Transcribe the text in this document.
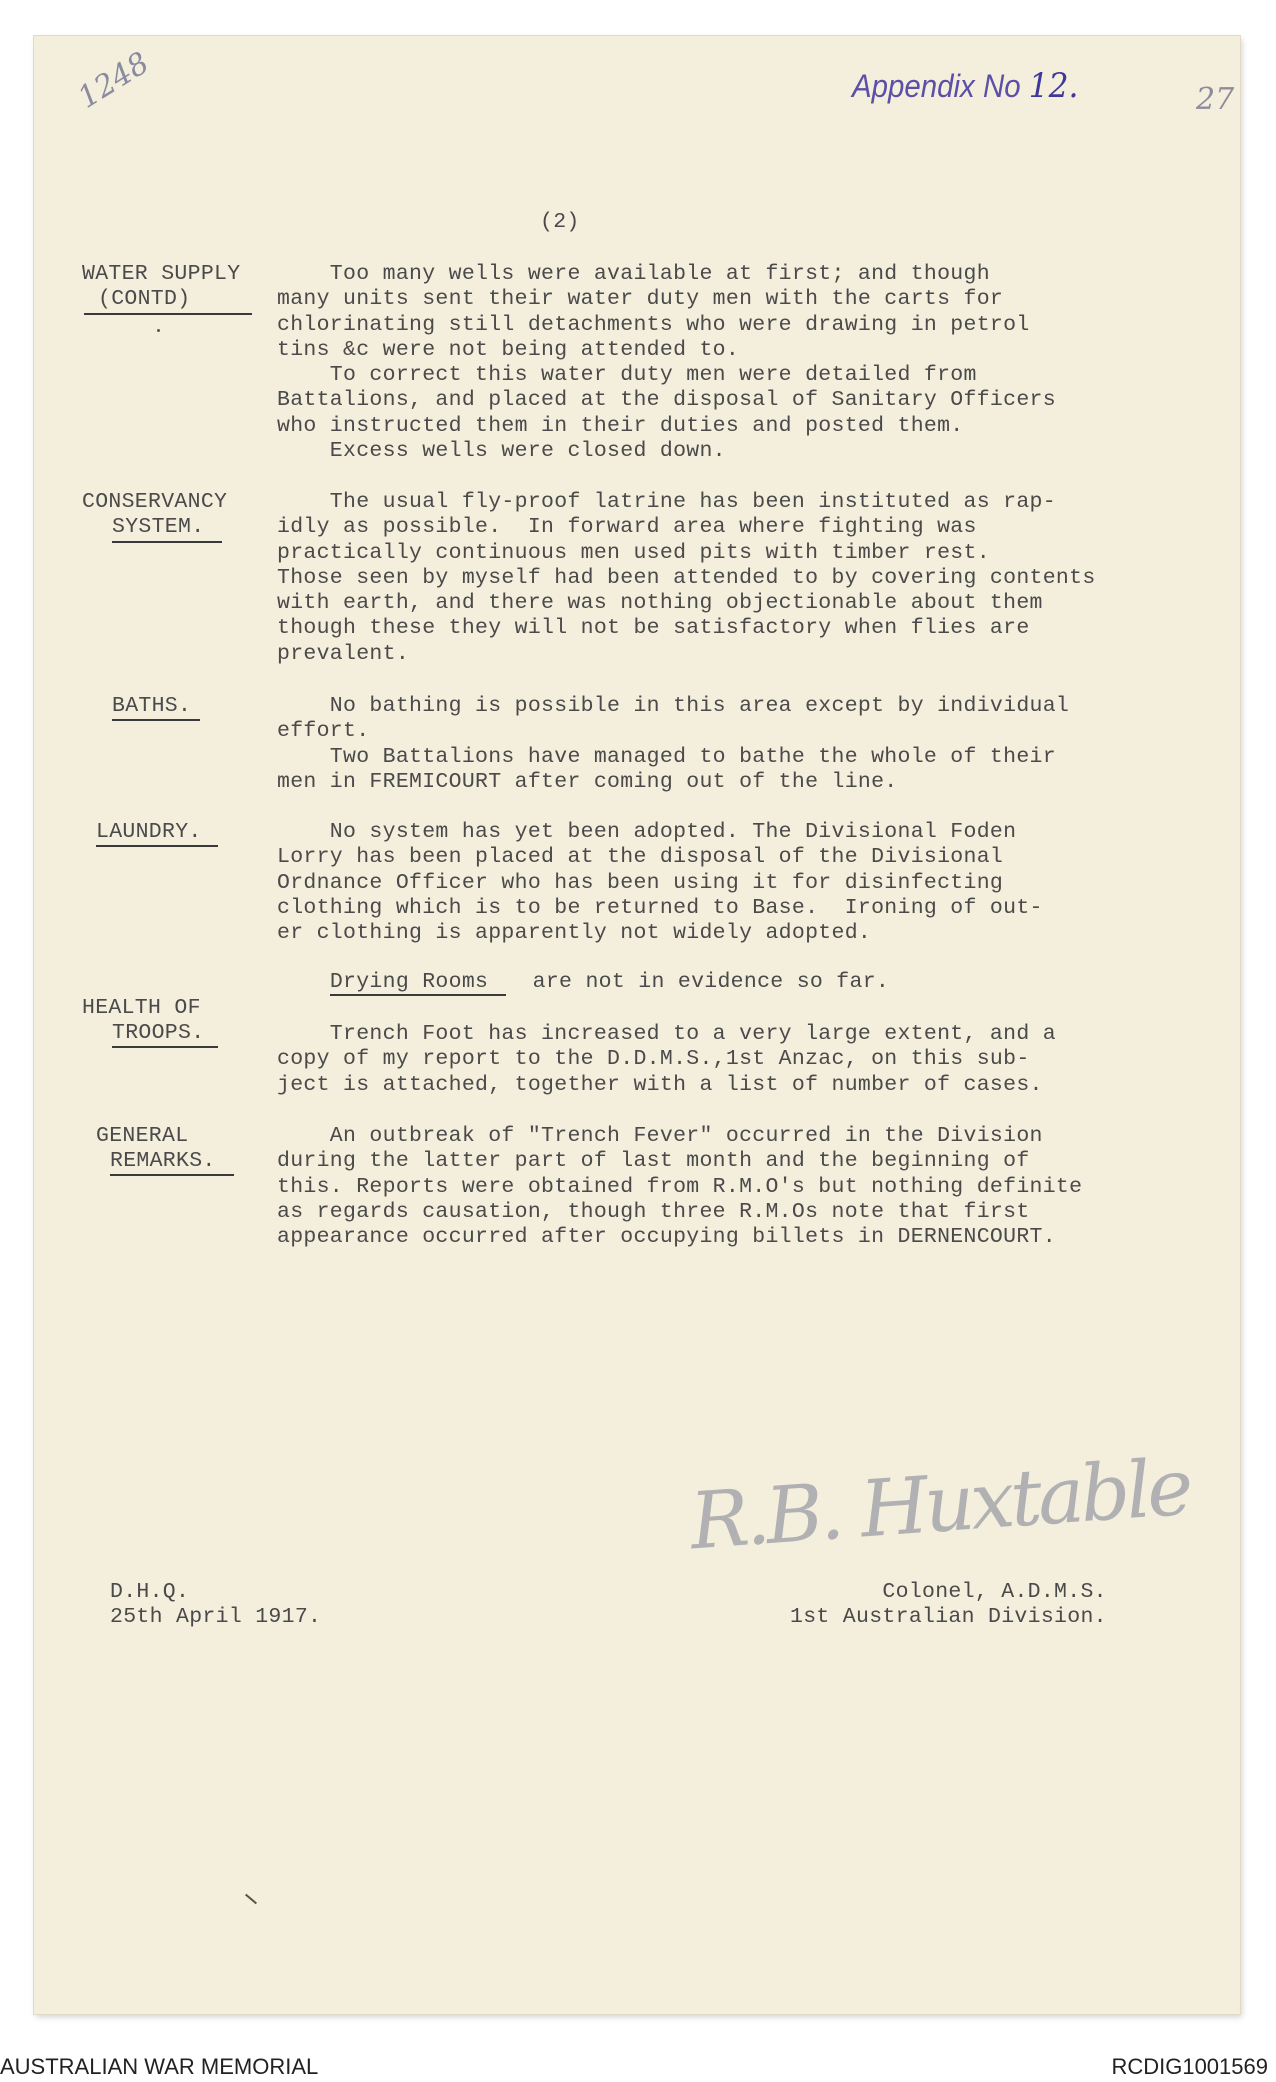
1248	27
Appendix No 12.
(2)
WATER SUPPLY
(CONTD)

Too many wells were available at first; and though
many units sent their water duty men with the carts for
chlorinating still detachments who were drawing in petrol
tins &c were not being attended to.
To correct this water duty men were detailed from
Battalions, and placed at the disposal of Sanitary Officers
who instructed them in their duties and posted them.
Excess wells were closed down.

CONSERVANCY
SYSTEM.

The usual fly-proof latrine has been instituted as rap-
idly as possible.  In forward area where fighting was
practically continuous men used pits with timber rest.
Those seen by myself had been attended to by covering contents
with earth, and there was nothing objectionable about them
though these they will not be satisfactory when flies are
prevalent.

BATHS.	No bathing is possible in this area except by individual
effort.
Two Battalions have managed to bathe the whole of their
men in FREMICOURT after coming out of the line.

LAUNDRY.	No system has yet been adopted. The Divisional Foden
Lorry has been placed at the disposal of the Divisional
Ordnance Officer who has been using it for disinfecting
clothing which is to be returned to Base.  Ironing of out-
er clothing is apparently not widely adopted.

Drying Rooms  are not in evidence so far.

HEALTH OF
TROOPS.	Trench Foot has increased to a very large extent, and a
copy of my report to the D.D.M.S.,1st Anzac, on this sub-
ject is attached, together with a list of number of cases.

GENERAL
REMARKS.

An outbreak of "Trench Fever" occurred in the Division
during the latter part of last month and the beginning of
this. Reports were obtained from R.M.O's but nothing definite
as regards causation, though three R.M.Os note that first
appearance occurred after occupying billets in DERNENCOURT.

R.B. Huxtable
D.H.Q.
25th April 1917.
Colonel, A.D.M.S.
1st Australian Division.
AUSTRALIAN WAR MEMORIAL	RCDIG1001569
